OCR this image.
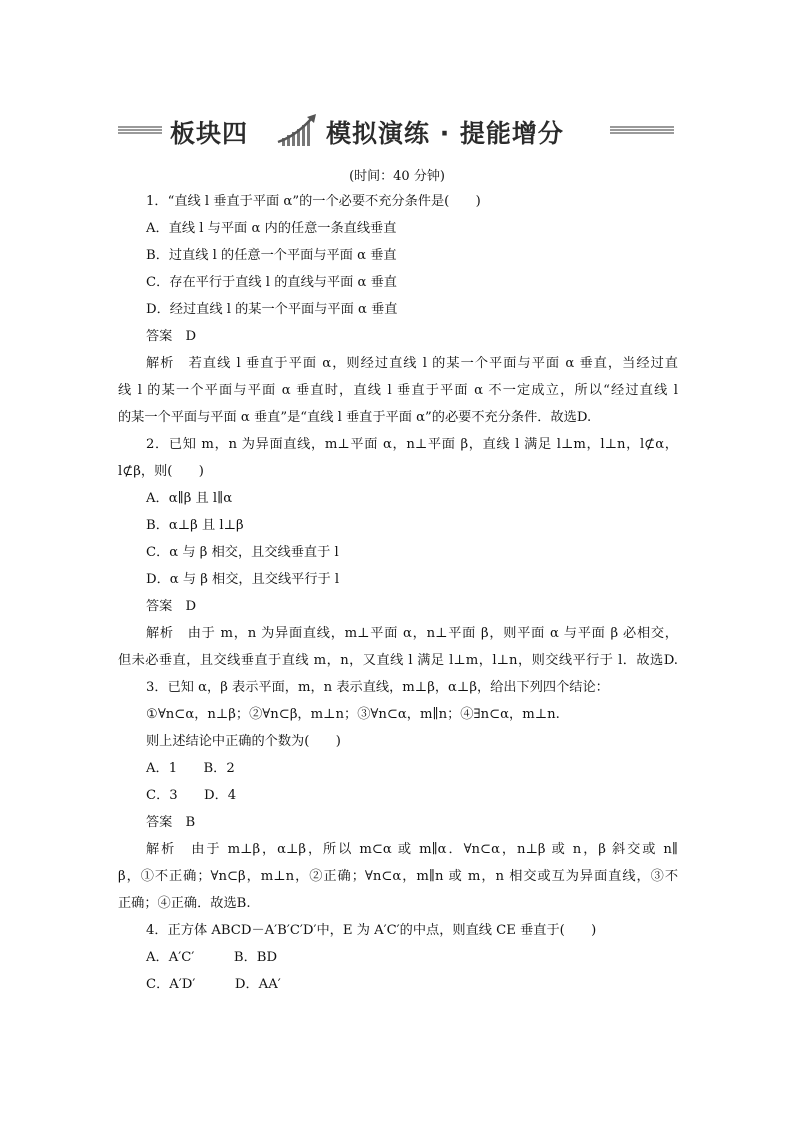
板块四	模拟演练 · 提能增分
(时间：40 分钟)
1．“直线 l 垂直于平面 α”的一个必要不充分条件是(　　)
A．直线 l 与平面 α 内的任意一条直线垂直
B．过直线 l 的任意一个平面与平面 α 垂直
C．存在平行于直线 l 的直线与平面 α 垂直
D．经过直线 l 的某一个平面与平面 α 垂直
答案　D
解析　若直线 l 垂直于平面 α，则经过直线 l 的某一个平面与平面 α 垂直，当经过直
线 l 的某一个平面与平面 α 垂直时，直线 l 垂直于平面 α 不一定成立，所以“经过直线 l
的某一个平面与平面 α 垂直”是“直线 l 垂直于平面 α”的必要不充分条件．故选D.
2．已知 m，n 为异面直线，m⊥平面 α，n⊥平面 β，直线 l 满足 l⊥m，l⊥n，l⊄α，
l⊄β，则(　　)
A．α∥β 且 l∥α
B．α⊥β 且 l⊥β
C．α 与 β 相交，且交线垂直于 l
D．α 与 β 相交，且交线平行于 l
答案　D
解析　由于 m，n 为异面直线，m⊥平面 α，n⊥平面 β，则平面 α 与平面 β 必相交，
但未必垂直，且交线垂直于直线 m，n，又直线 l 满足 l⊥m，l⊥n，则交线平行于 l．故选D.
3．已知 α，β 表示平面，m，n 表示直线，m⊥β，α⊥β，给出下列四个结论：
①∀n⊂α，n⊥β；②∀n⊂β，m⊥n；③∀n⊂α，m∥n；④∃n⊂α，m⊥n.
则上述结论中正确的个数为(　　)
A．1　　B．2
C．3　　D．4
答案　B
解析　由于 m⊥β，α⊥β，所以 m⊂α 或 m∥α．∀n⊂α，n⊥β 或 n，β 斜交或 n∥
β，①不正确；∀n⊂β，m⊥n，②正确；∀n⊂α，m∥n 或 m，n 相交或互为异面直线，③不
正确；④正确．故选B.
4．正方体 ABCD－A′B′C′D′中，E 为 A′C′的中点，则直线 CE 垂直于(　　)
A．A′C′　　　B．BD
C．A′D′　　　D．AA′
